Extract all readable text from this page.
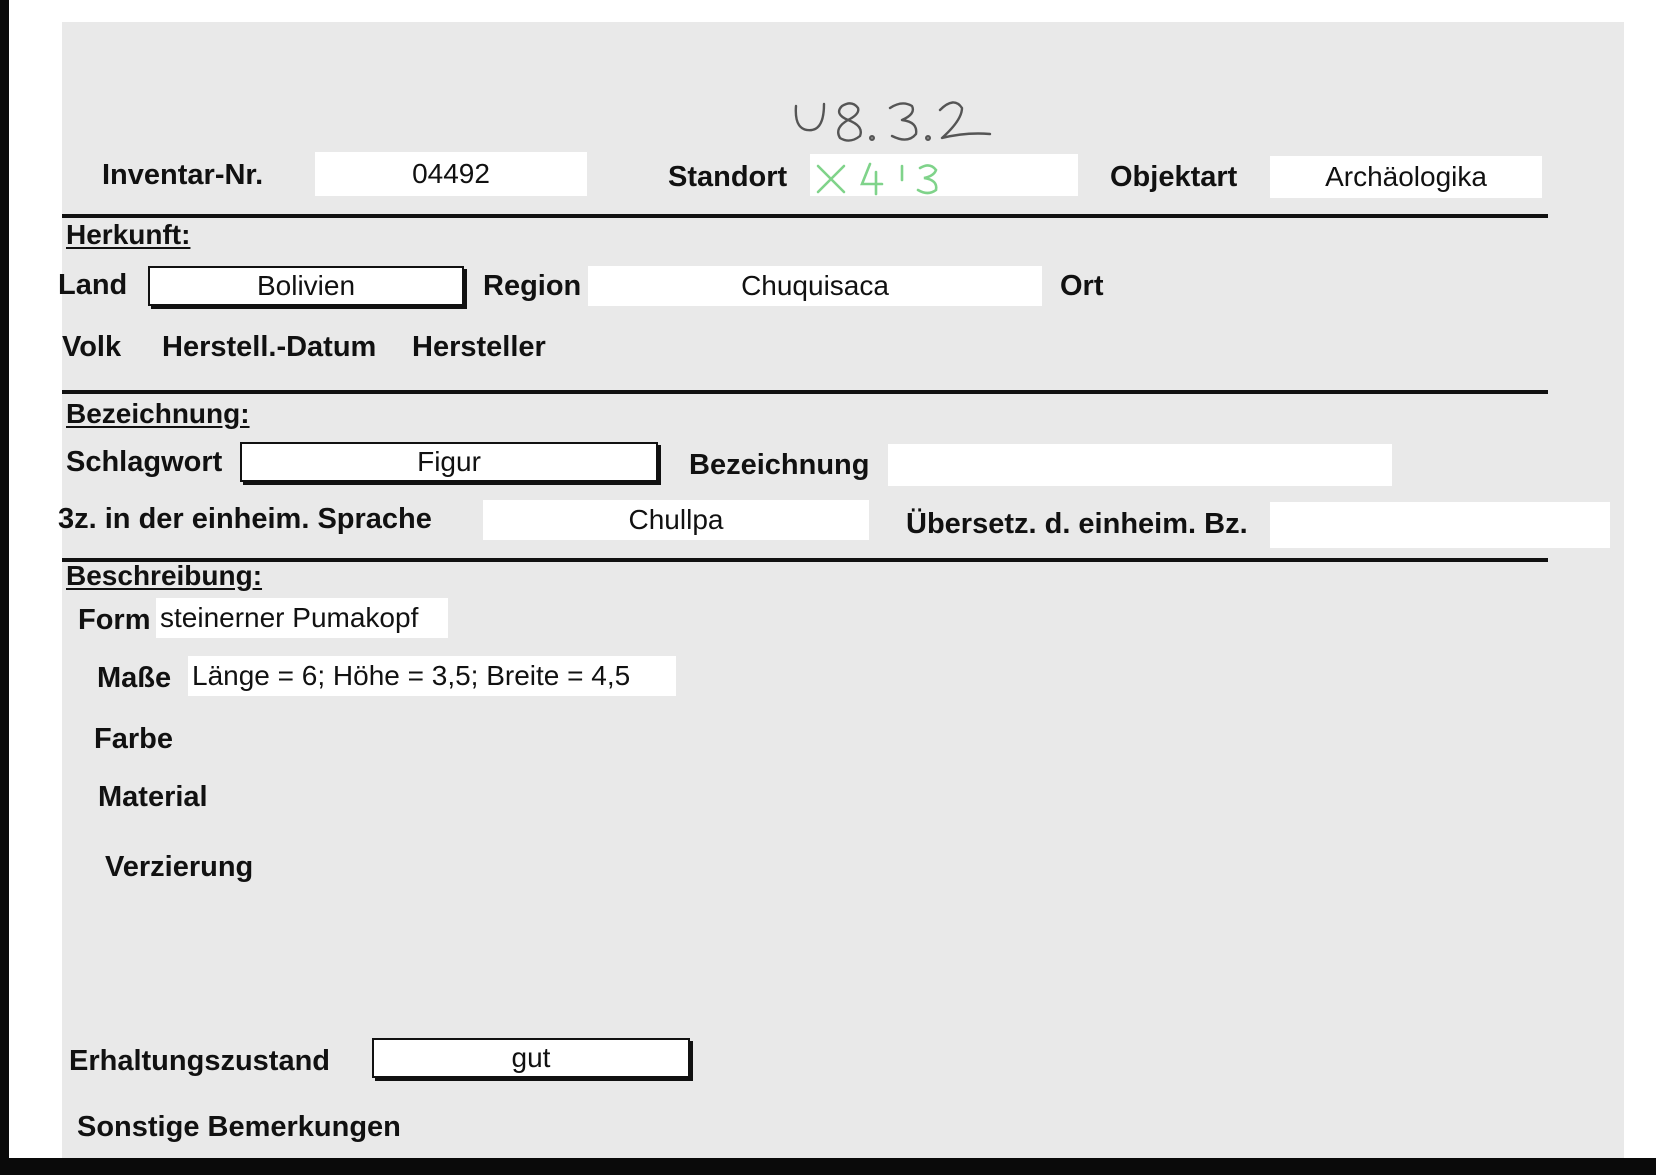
Inventar-Nr.	04492	Standort	Objektart	Archäologika
Herkunft:
Land	Bolivien	Region	Chuquisaca	Ort
Volk Herstell.-Datum Hersteller
Bezeichnung:
Schlagwort	Figur	Bezeichnung
3z. in der einheim. Sprache	Chullpa	Übersetz. d. einheim. Bz.
Beschreibung:
Form steinerner Pumakopf
Maße Länge = 6; Höhe = 3,5; Breite = 4,5
Farbe
Material
Verzierung
Erhaltungszustand	gut
Sonstige Bemerkungen
